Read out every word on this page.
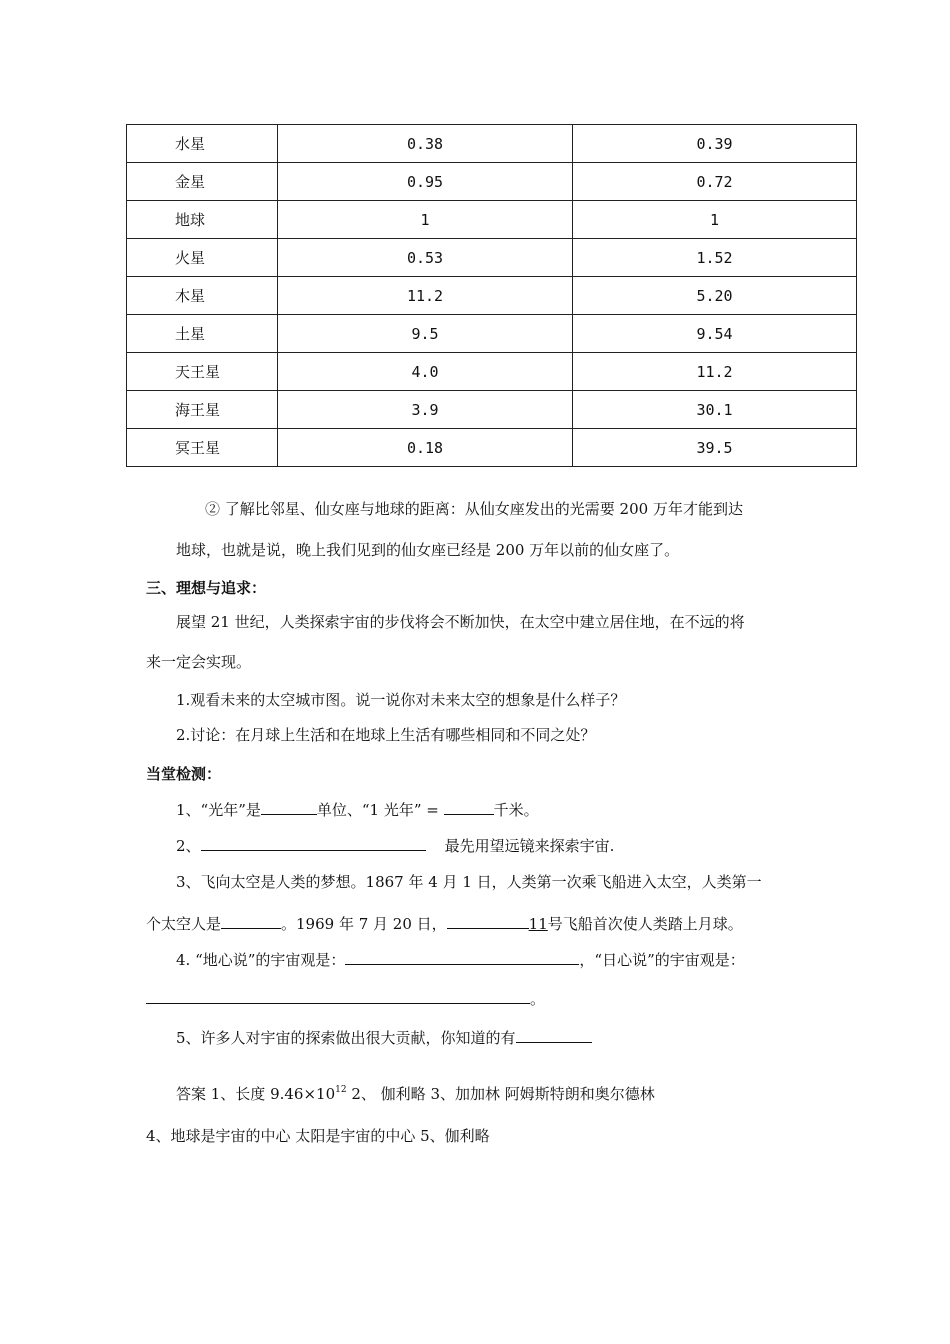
水星	0.38	0.39
金星	0.95	0.72
地球	1	1
火星	0.53	1.52
木星	11.2	5.20
土星	9.5	9.54
天王星	4.0	11.2
海王星	3.9	30.1
冥王星	0.18	39.5
② 了解比邻星、仙女座与地球的距离：从仙女座发出的光需要 200 万年才能到达
地球，也就是说，晚上我们见到的仙女座已经是 200 万年以前的仙女座了。
三、理想与追求：
展望 21 世纪，人类探索宇宙的步伐将会不断加快，在太空中建立居住地，在不远的将
来一定会实现。
1.观看未来的太空城市图。说一说你对未来太空的想象是什么样子？
2.讨论：在月球上生活和在地球上生活有哪些相同和不同之处？
当堂检测：
1、“光年”是	单位、“1 光年” =	千米。
2、	最先用望远镜来探索宇宙.
3、飞向太空是人类的梦想。1867 年 4 月 1 日，人类第一次乘飞船进入太空，人类第一
个太空人是	。1969 年 7 月 20 日，	11号飞船首次使人类踏上月球。
4. “地心说”的宇宙观是：	，“日心说”的宇宙观是：
。
5、许多人对宇宙的探索做出很大贡献，你知道的有
答案 1、长度 $9.46\times 10^{12}$ 2、 伽利略 3、加加林 阿姆斯特朗和奥尔德林
4、地球是宇宙的中心 太阳是宇宙的中心 5、伽利略
